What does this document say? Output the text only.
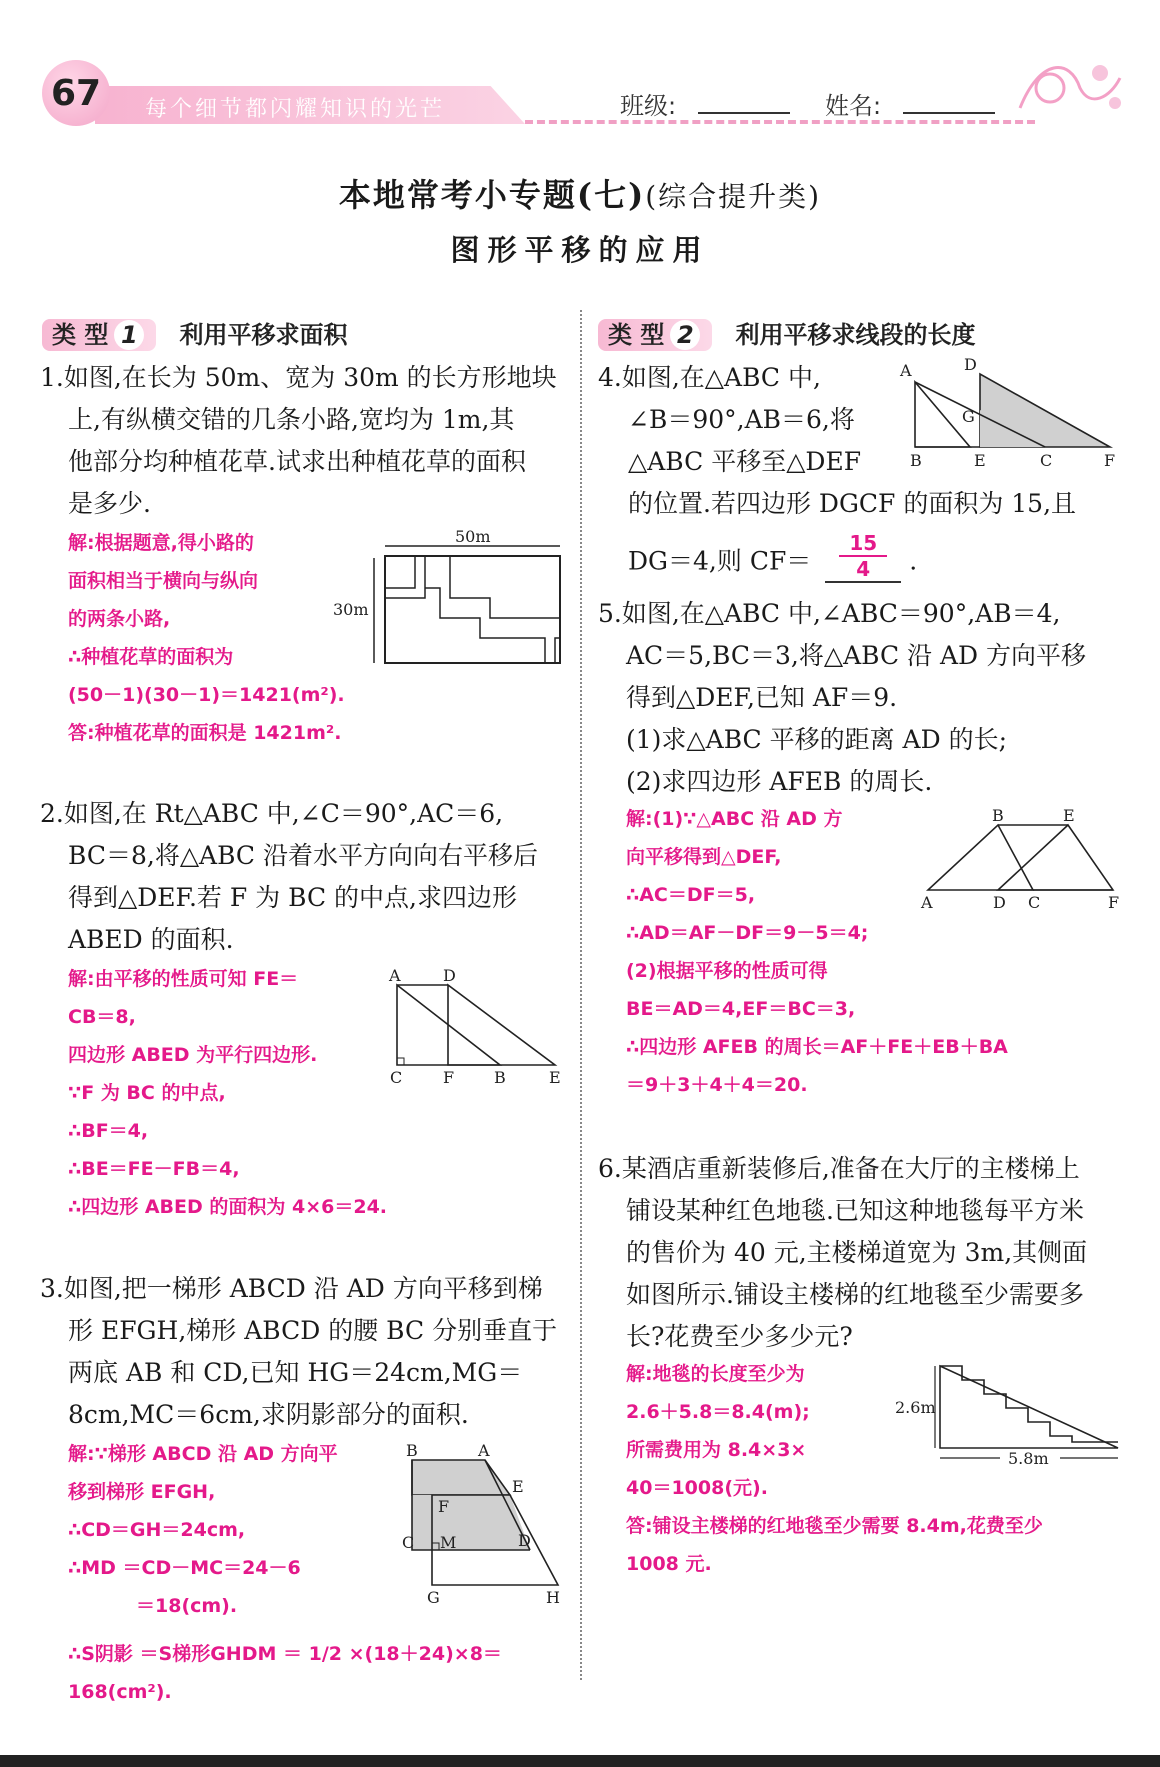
67	每个细节都闪耀知识的光芒	班级:	姓名:
本地常考小专题(七)(综合提升类)
图形平移的应用
类 型 1 利用平移求面积
1.如图,在长为 50m、宽为 30m 的长方形地块
上,有纵横交错的几条小路,宽均为 1m,其
他部分均种植花草.试求出种植花草的面积
是多少.
解:根据题意,得小路的
面积相当于横向与纵向
的两条小路,
∴种植花草的面积为
(50－1)(30－1)＝1421(m²).
答:种植花草的面积是 1421m².
50m
30m
2.如图,在 Rt△ABC 中,∠C＝90°,AC＝6,
BC＝8,将△ABC 沿着水平方向向右平移后
得到△DEF.若 F 为 BC 的中点,求四边形
ABED 的面积.
解:由平移的性质可知 FE＝
CB＝8,
四边形 ABED 为平行四边形.
∵F 为 BC 的中点,
∴BF＝4,
∴BE＝FE－FB＝4,
∴四边形 ABED 的面积为 4×6＝24.
A	D
C	F B	E
3.如图,把一梯形 ABCD 沿 AD 方向平移到梯
形 EFGH,梯形 ABCD 的腰 BC 分别垂直于
两底 AB 和 CD,已知 HG＝24cm,MG＝
8cm,MC＝6cm,求阴影部分的面积.
解:∵梯形 ABCD 沿 AD 方向平
移到梯形 EFGH,
∴CD＝GH＝24cm,
∴MD ＝CD－MC＝24－6
＝18(cm).
∴S阴影 ＝S梯形GHDM ＝ 1/2 ×(18＋24)×8＝168(cm²).
B	A
E
F
C M	D
G	H
类 型 2 利用平移求线段的长度
4.如图,在△ABC 中,
∠B＝90°,AB＝6,将
△ABC 平移至△DEF
的位置.若四边形 DGCF 的面积为 15,且
DG＝4,则 $CF= \frac{15}{4}$ .
A	D
G
B	E	C	F
5.如图,在△ABC 中,∠ABC＝90°,AB＝4,
AC＝5,BC＝3,将△ABC 沿 AD 方向平移
得到△DEF,已知 AF＝9.
(1)求△ABC 平移的距离 AD 的长;
(2)求四边形 AFEB 的周长.
解:(1)∵△ABC 沿 AD 方
向平移得到△DEF,
∴AC＝DF＝5,
∴AD＝AF－DF＝9－5＝4;
(2)根据平移的性质可得
BE＝AD＝4,EF＝BC＝3,
∴四边形 AFEB 的周长＝AF＋FE＋EB＋BA
＝9＋3＋4＋4＝20.
B	E
A	D C	F
6.某酒店重新装修后,准备在大厅的主楼梯上
铺设某种红色地毯.已知这种地毯每平方米
的售价为 40 元,主楼梯道宽为 3m,其侧面
如图所示.铺设主楼梯的红地毯至少需要多
长?花费至少多少元?
解:地毯的长度至少为
2.6＋5.8＝8.4(m);
所需费用为 8.4×3×
40＝1008(元).
答:铺设主楼梯的红地毯至少需要 8.4m,花费至少
1008 元.
2.6m
5.8m
